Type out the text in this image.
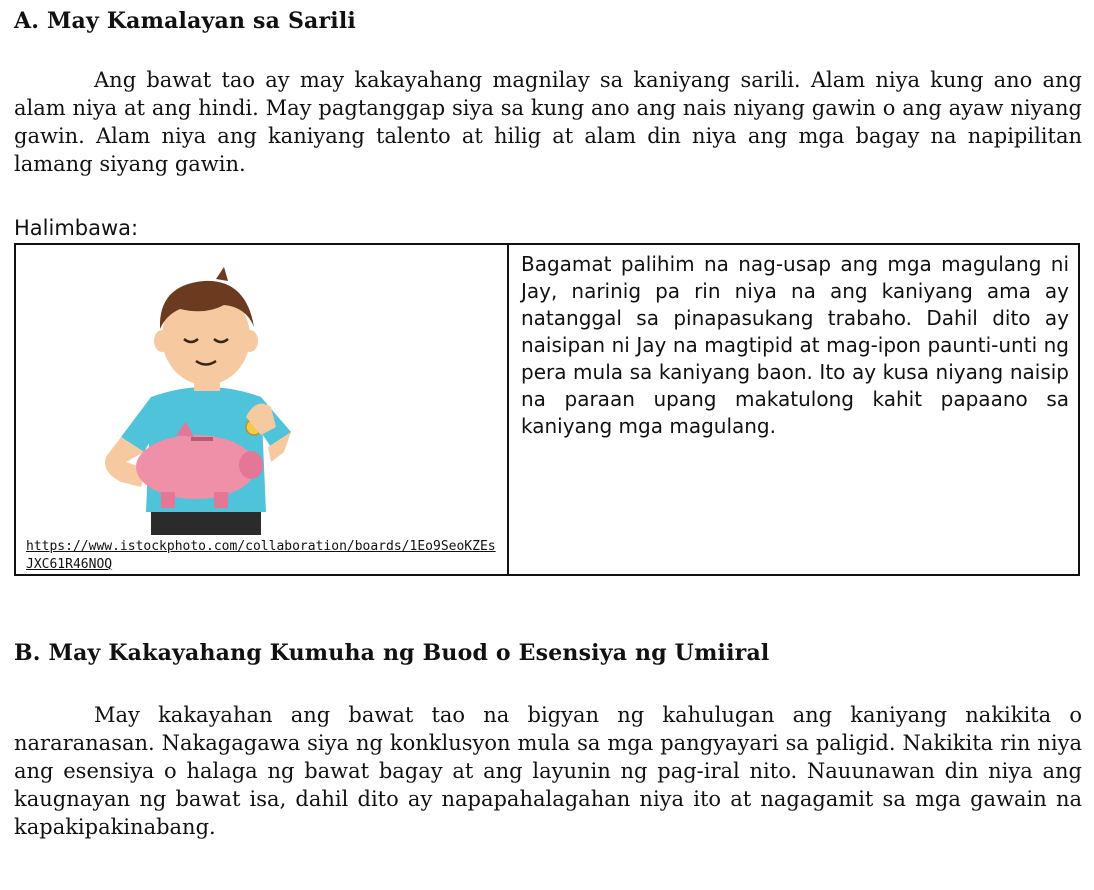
A. May Kamalayan sa Sarili

Ang bawat tao ay may kakayahang magnilay sa kaniyang sarili. Alam niya kung ano ang alam niya at ang hindi. May pagtanggap siya sa kung ano ang nais niyang gawin o ang ayaw niyang gawin. Alam niya ang kaniyang talento at hilig at alam din niya ang mga bagay na napipilitan lamang siyang gawin.

Halimbawa:
https://www.istockphoto.com/collaboration/boards/1Eo9SeoKZEsJXC61R46NOQ

Bagamat palihim na nag-usap ang mga magulang ni Jay, narinig pa rin niya na ang kaniyang ama ay natanggal sa pinapasukang trabaho. Dahil dito ay naisipan ni Jay na magtipid at mag-ipon paunti-unti ng pera mula sa kaniyang baon. Ito ay kusa niyang naisip na paraan upang makatulong kahit papaano sa kaniyang mga magulang.

B. May Kakayahang Kumuha ng Buod o Esensiya ng Umiiral

May kakayahan ang bawat tao na bigyan ng kahulugan ang kaniyang nakikita o nararanasan. Nakagagawa siya ng konklusyon mula sa mga pangyayari sa paligid. Nakikita rin niya ang esensiya o halaga ng bawat bagay at ang layunin ng pag-iral nito. Nauunawan din niya ang kaugnayan ng bawat isa, dahil dito ay napapahalagahan niya ito at nagagamit sa mga gawain na kapakipakinabang.
